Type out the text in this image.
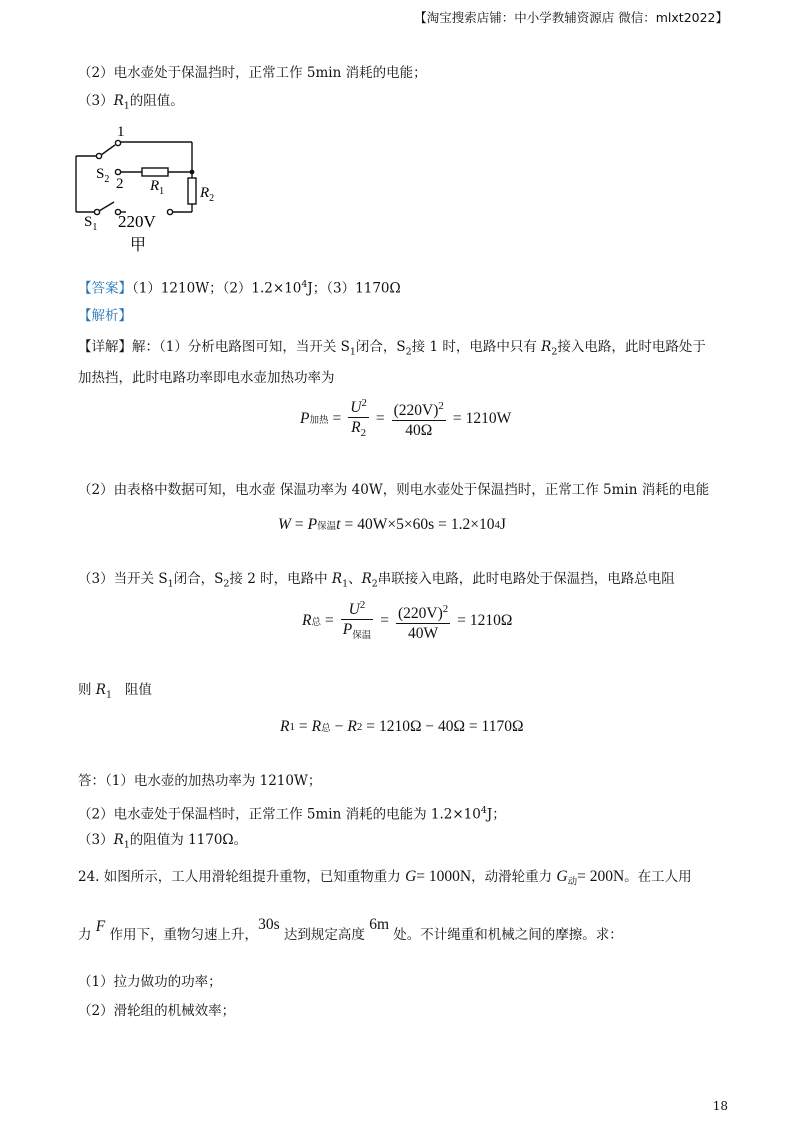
【淘宝搜索店铺：中小学教辅资源店 微信：mlxt2022】
（2）电水壶处于保温挡时，正常工作 5min 消耗的电能；
$(3)R_1$的阻值。
1
$S_2$ 2 $R_1$ $R_2$
$S_1$ 220V
甲
【答案】（1）1210W；$(2)1.2\times 10^4J$；（3）1170Ω
【解析】
【详解】解：（1）分析电路图可知，当开关 $S_1$闭合，$S_2$接 1 时，电路中只有 $R_2$接入电路，此时电路处于
加热挡，此时电路功率即电水壶加热功率为
P 加热 = $\frac{U^2}{R_2} = \frac{(220V)^2}{40\Omega} = 1210W$
（2）由表格中数据可知，电水壶 保温功率为 40W，则电水壶处于保温挡时，正常工作 5min 消耗的电能
W = P 保温 t = 40W×5×60s = 1.2×10 4 J
（3）当开关 $S_1$闭合，$S_2$接 2 时，电路中 $R_1$、$R_2$串联接入电路，此时电路处于保温挡，电路总电阻
R 总 = $\frac{U^2}{P_{保温}} = \frac{(220V)^2}{40W} = 1210\Omega$
则 $R_1$ 阻值
R 1 = R 总 − R 2 = 1210Ω − 40Ω = 1170Ω
答：（1）电水壶的加热功率为 1210W；
（2）电水壶处于保温档时，正常工作 5min 消耗的电能为 $1.2\times 10^4J$；
$(3)R_1$的阻值为 1170Ω。
24. 如图所示，工人用滑轮组提升重物，已知重物重力 G= 1000N，动滑轮重力 $G_动= 200N$。在工人用
力 F 作用下，重物匀速上升，30s 达到规定高度 6m 处。不计绳重和机械之间的摩擦。求：
（1）拉力做功的功率；
（2）滑轮组的机械效率；
18
